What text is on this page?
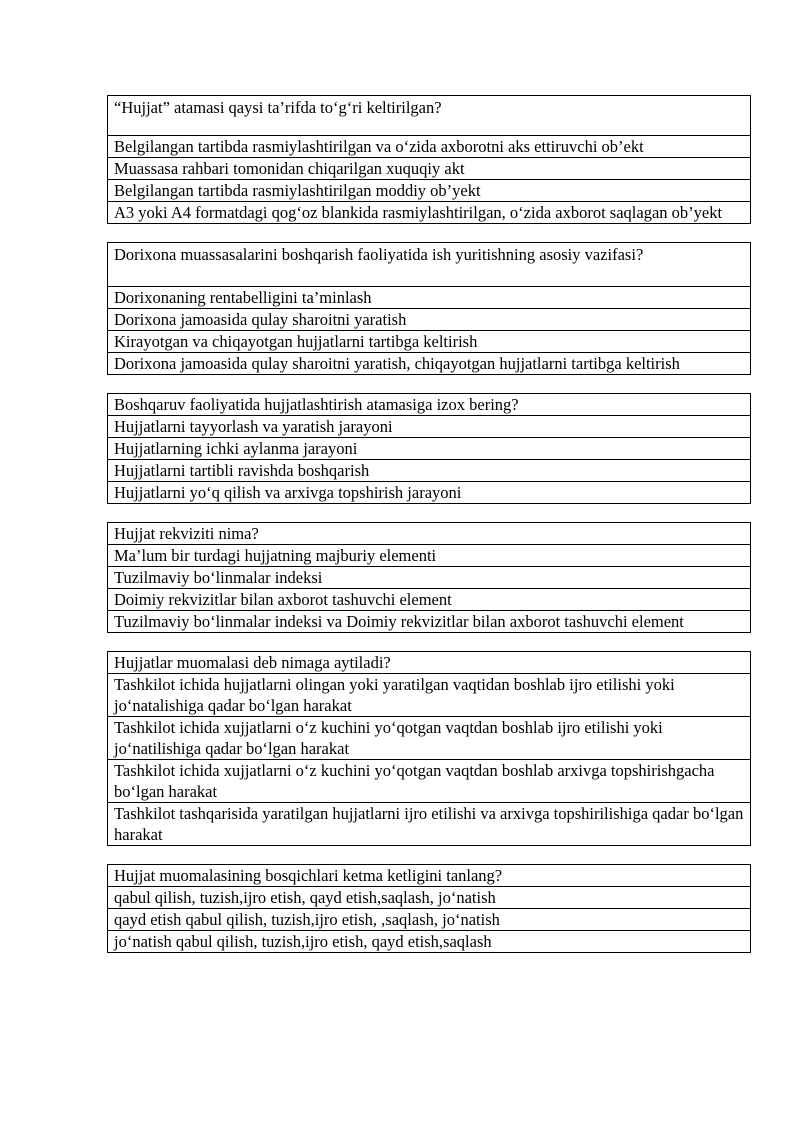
“Hujjat” atamasi qaysi ta’rifda to‘g‘ri keltirilgan?
Belgilangan tartibda rasmiylashtirilgan va o‘zida axborotni aks ettiruvchi ob’ekt
Muassasa rahbari tomonidan chiqarilgan xuquqiy akt
Belgilangan tartibda rasmiylashtirilgan moddiy ob’yekt
A3 yoki A4 formatdagi qog‘oz blankida rasmiylashtirilgan, o‘zida axborot saqlagan ob’yekt
Dorixona muassasalarini boshqarish faoliyatida ish yuritishning asosiy vazifasi?
Dorixonaning rentabelligini ta’minlash
Dorixona jamoasida qulay sharoitni yaratish
Kirayotgan va chiqayotgan hujjatlarni tartibga keltirish
Dorixona jamoasida qulay sharoitni yaratish, chiqayotgan hujjatlarni tartibga keltirish
Boshqaruv faoliyatida hujjatlashtirish atamasiga izox bering?
Hujjatlarni tayyorlash va yaratish jarayoni
Hujjatlarning ichki aylanma jarayoni
Hujjatlarni tartibli ravishda boshqarish
Hujjatlarni yo‘q qilish va arxivga topshirish jarayoni
Hujjat rekviziti nima?
Ma’lum bir turdagi hujjatning majburiy elementi
Tuzilmaviy bo‘linmalar indeksi
Doimiy rekvizitlar bilan axborot tashuvchi element
Tuzilmaviy bo‘linmalar indeksi va Doimiy rekvizitlar bilan axborot tashuvchi element
Hujjatlar muomalasi deb nimaga aytiladi?
Tashkilot ichida hujjatlarni olingan yoki yaratilgan vaqtidan boshlab ijro etilishi yoki jo‘natalishiga qadar bo‘lgan harakat
Tashkilot ichida xujjatlarni o‘z kuchini yo‘qotgan vaqtdan boshlab ijro etilishi yoki jo‘natilishiga qadar bo‘lgan harakat
Tashkilot ichida xujjatlarni o‘z kuchini yo‘qotgan vaqtdan boshlab arxivga topshirishgacha bo‘lgan harakat
Tashkilot tashqarisida yaratilgan hujjatlarni ijro etilishi va arxivga topshirilishiga qadar bo‘lgan harakat
Hujjat muomalasining bosqichlari ketma ketligini tanlang?
qabul qilish, tuzish,ijro etish, qayd etish,saqlash, jo‘natish
qayd etish qabul qilish, tuzish,ijro etish, ,saqlash, jo‘natish
jo‘natish qabul qilish, tuzish,ijro etish, qayd etish,saqlash
